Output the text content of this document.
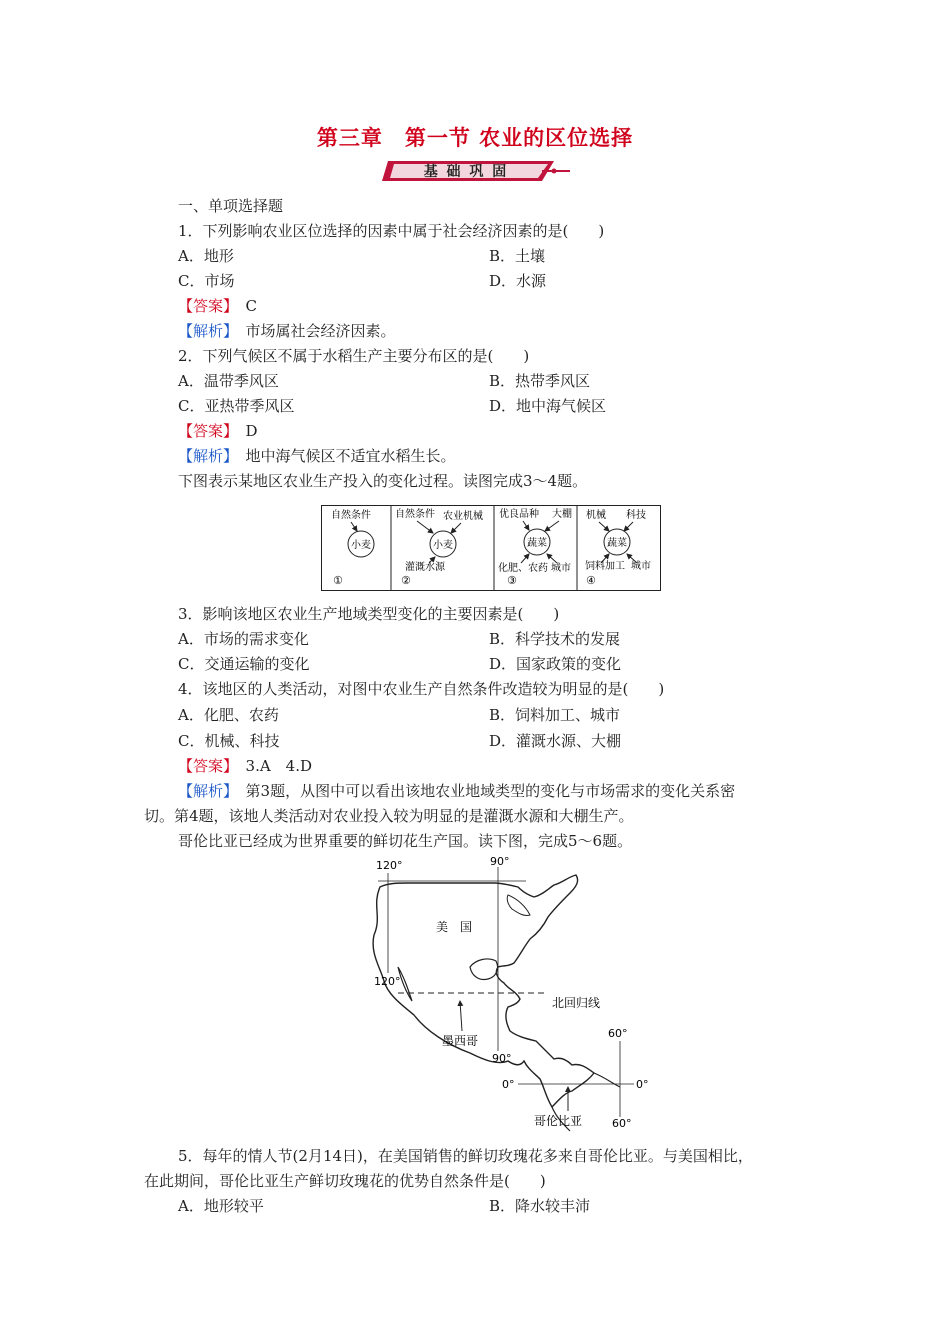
第三章　第一节 农业的区位选择
基 础 巩 固
一、单项选择题
1．下列影响农业区位选择的因素中属于社会经济因素的是(　　)
A．地形	B．土壤
C．市场	D．水源
【答案】　 C
【解析】　 市场属社会经济因素。
2．下列气候区不属于水稻生产主要分布区的是(　　)
A．温带季风区	B．热带季风区
C．亚热带季风区	D．地中海气候区
【答案】　 D
【解析】　 地中海气候区不适宜水稻生长。
下图表示某地区农业生产投入的变化过程。读图完成3～4题。
自然条件
小麦
①
自然条件 农业机械
小麦
灌溉水源
②
优良品种 大棚
蔬菜
化肥、农药 城市
③
机械 科技
蔬菜
饲料加工 城市
④
3．影响该地区农业生产地域类型变化的主要因素是(　　)
A．市场的需求变化	B．科学技术的发展
C．交通运输的变化	D．国家政策的变化
4．该地区的人类活动，对图中农业生产自然条件改造较为明显的是(　　)
A．化肥、农药	B．饲料加工、城市
C．机械、科技	D．灌溉水源、大棚
【答案】　 3.A　4.D
【解析】　 第3题，从图中可以看出该地农业地域类型的变化与市场需求的变化关系密
切。第4题，该地人类活动对农业投入较为明显的是灌溉水源和大棚生产。
哥伦比亚已经成为世界重要的鲜切花生产国。读下图，完成5～6题。
120°	90°
120°
90°
60°
60°
0°	0°
美　国
北回归线
墨西哥
哥伦比亚
5．每年的情人节(2月14日)，在美国销售的鲜切玫瑰花多来自哥伦比亚。与美国相比，
在此期间，哥伦比亚生产鲜切玫瑰花的优势自然条件是(　　)
A．地形较平	B．降水较丰沛
